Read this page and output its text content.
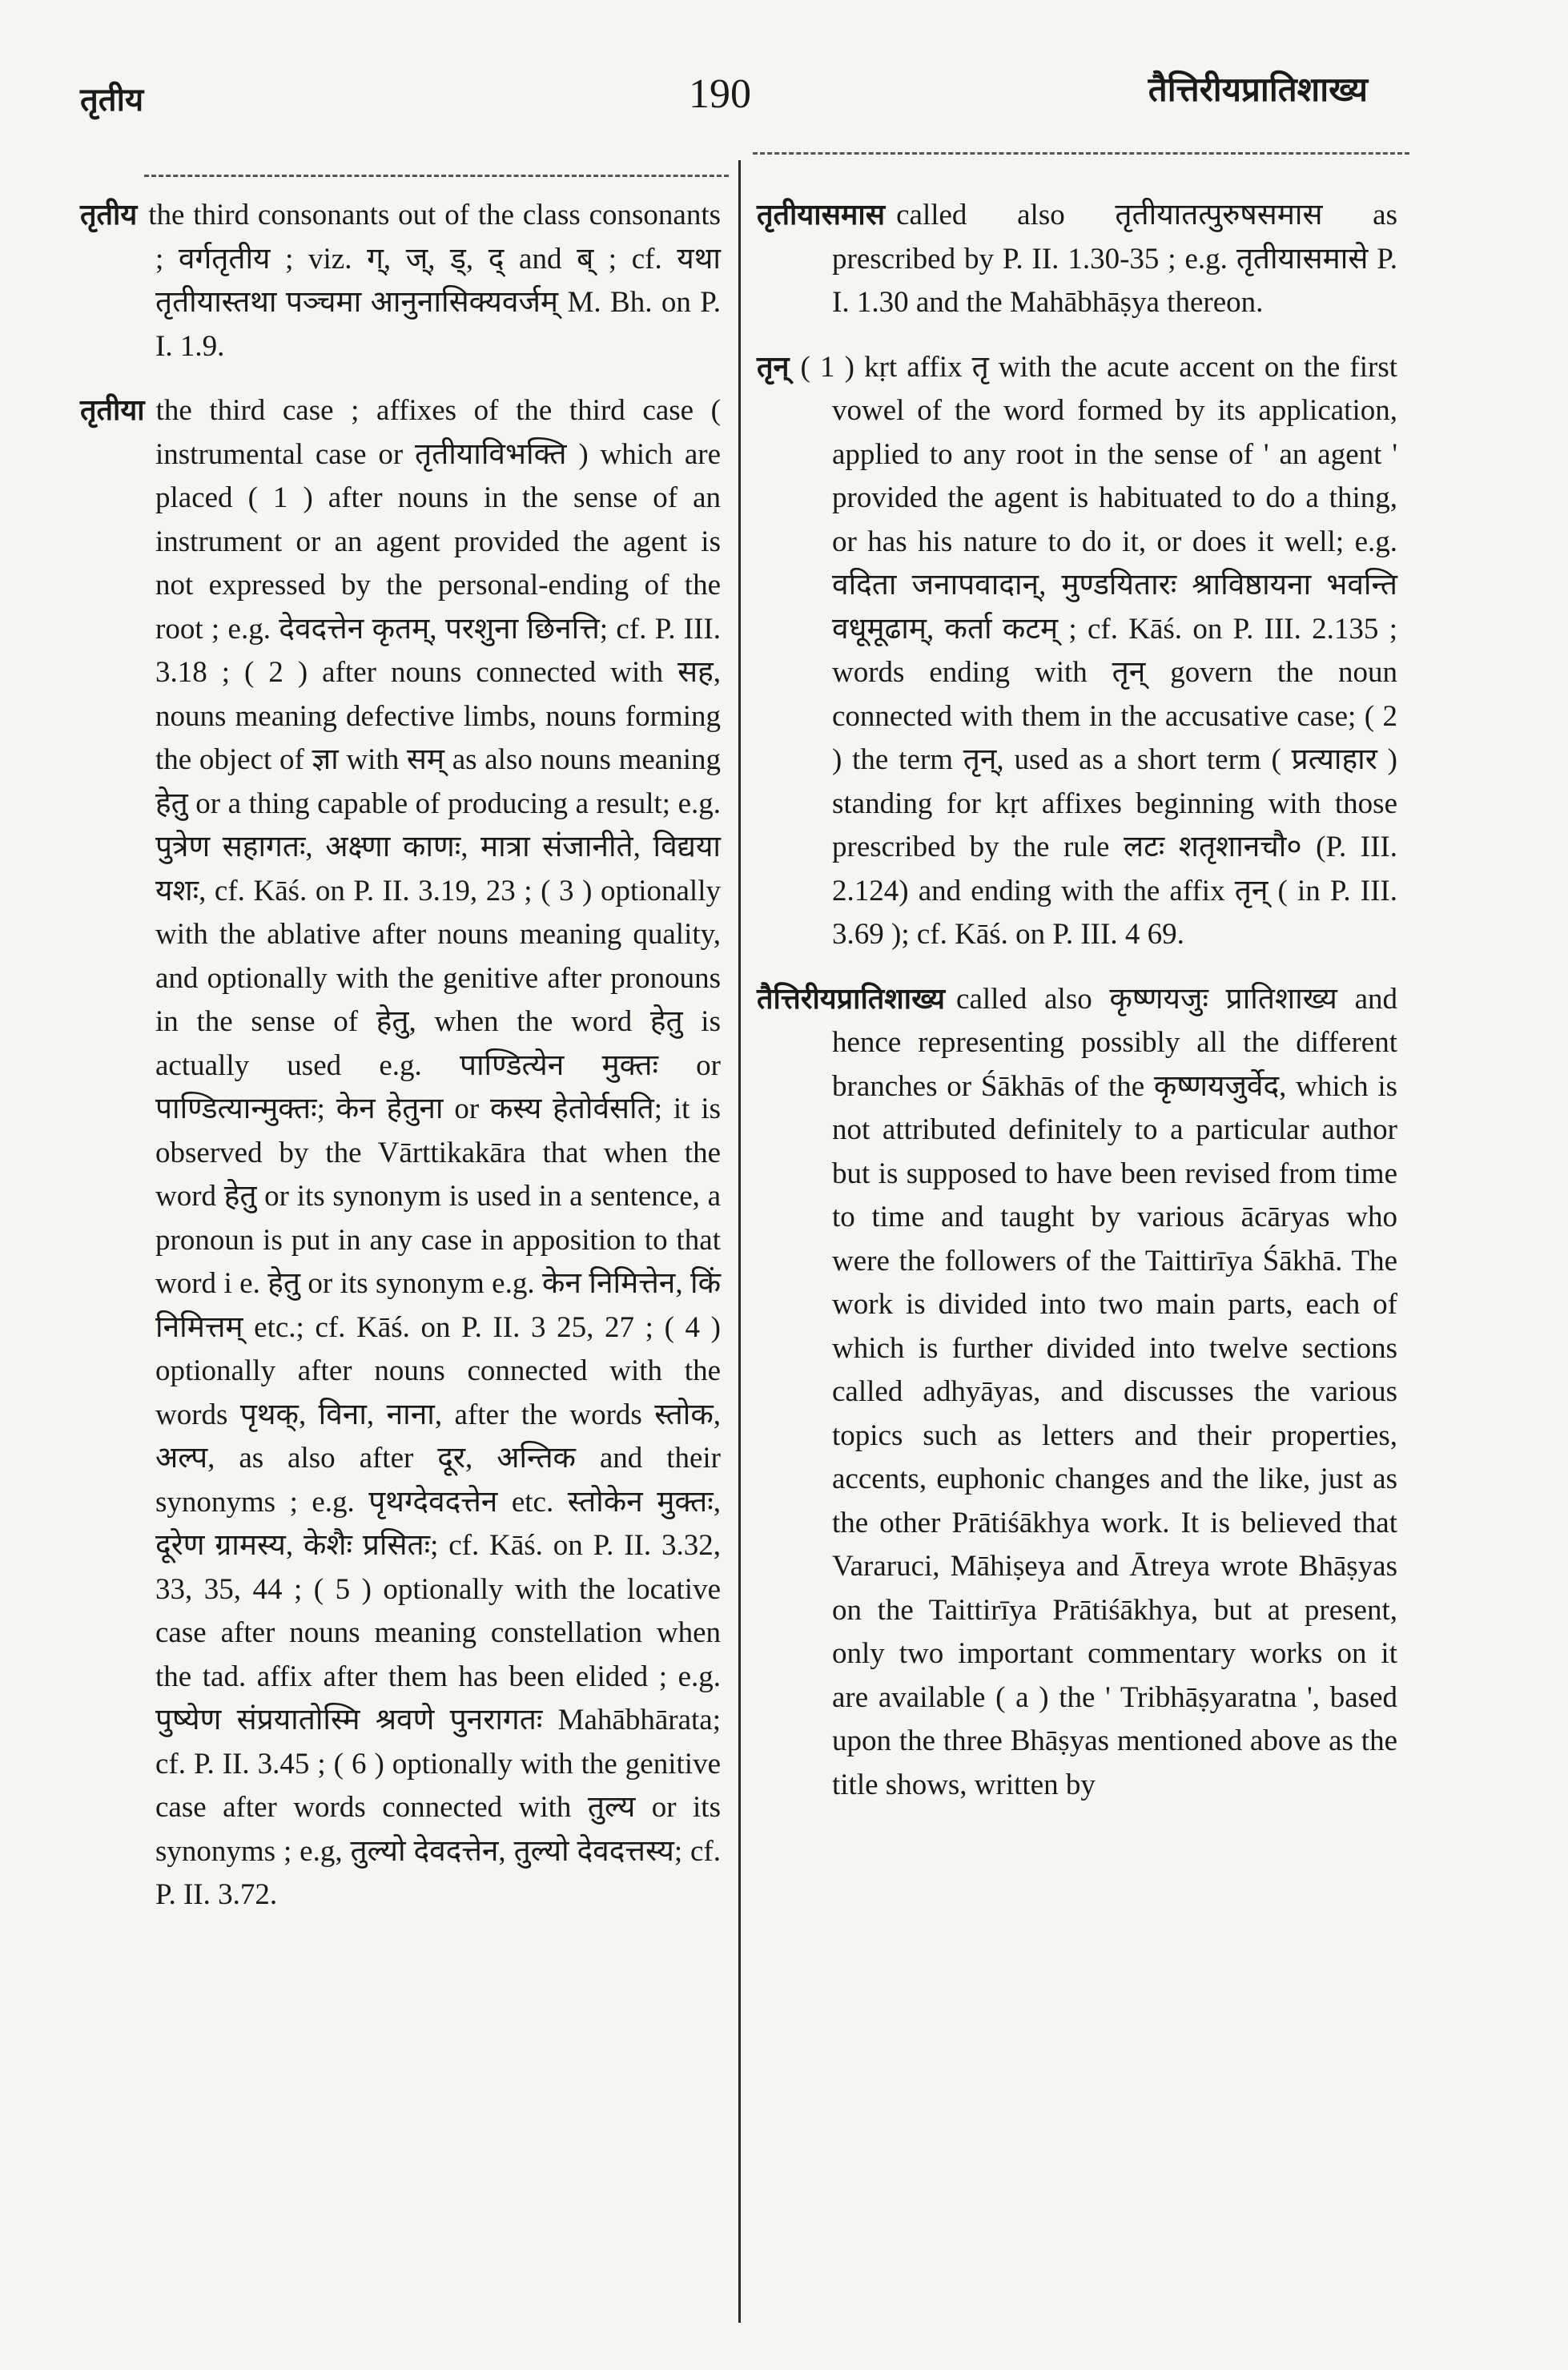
तृतीय	190	तैत्तिरीयप्रातिशाख्य

तृतीय the third consonants out of the class consonants ; वर्गतृतीय ; viz. ग्, ज्, ड्, द् and ब् ; cf. यथा तृतीयास्तथा पञ्चमा आनुनासिक्यवर्जम् M. Bh. on P. I. 1.9.

तृतीया the third case ; affixes of the third case ( instrumental case or तृतीयाविभक्ति ) which are placed ( 1 ) after nouns in the sense of an instrument or an agent provided the agent is not expressed by the personal-ending of the root ; e.g. देवदत्तेन कृतम्, परशुना छिनत्ति; cf. P. III. 3.18 ; ( 2 ) after nouns connected with सह, nouns meaning defective limbs, nouns forming the object of ज्ञा with सम् as also nouns meaning हेतु or a thing capable of producing a result; e.g. पुत्रेण सहागतः, अक्ष्णा काणः, मात्रा संजानीते, विद्यया यशः, cf. Kāś. on P. II. 3.19, 23 ; ( 3 ) optionally with the ablative after nouns meaning quality, and optionally with the genitive after pronouns in the sense of हेतु, when the word हेतु is actually used e.g. पाण्डित्येन मुक्तः or पाण्डित्यान्मुक्तः; केन हेतुना or कस्य हेतोर्वसति; it is observed by the Vārttikakāra that when the word हेतु or its synonym is used in a sentence, a pronoun is put in any case in apposition to that word i e. हेतु or its synonym e.g. केन निमित्तेन, किं निमित्तम् etc.; cf. Kāś. on P. II. 3 25, 27 ; ( 4 ) optionally after nouns connected with the words पृथक्, विना, नाना, after the words स्तोक, अल्प, as also after दूर, अन्तिक and their synonyms ; e.g. पृथग्देवदत्तेन etc. स्तोकेन मुक्तः, दूरेण ग्रामस्य, केशैः प्रसितः; cf. Kāś. on P. II. 3.32, 33, 35, 44 ; ( 5 ) optionally with the locative case after nouns meaning constellation when the tad. affix after them has been elided ; e.g. पुष्येण संप्रयातोस्मि श्रवणे पुनरागतः Mahābhārata; cf. P. II. 3.45 ; ( 6 ) optionally with the genitive case after words connected with तुल्य or its synonyms ; e.g, तुल्यो देवदत्तेन, तुल्यो देवदत्तस्य; cf. P. II. 3.72.

तृतीयासमास called also तृतीयातत्पुरुषसमास as prescribed by P. II. 1.30-35 ; e.g. तृतीयासमासे P. I. 1.30 and the Mahābhāṣya thereon.

तृन् ( 1 ) kṛt affix तृ with the acute accent on the first vowel of the word formed by its application, applied to any root in the sense of ' an agent ' provided the agent is habituated to do a thing, or has his nature to do it, or does it well; e.g. वदिता जनापवादान्, मुण्डयितारः श्राविष्ठायना भवन्ति वधूमूढाम्, कर्ता कटम् ; cf. Kāś. on P. III. 2.135 ; words ending with तृन् govern the noun connected with them in the accusative case; ( 2 ) the term तृन्, used as a short term ( प्रत्याहार ) standing for kṛt affixes beginning with those prescribed by the rule लटः शतृशानचौ० (P. III. 2.124) and ending with the affix तृन् ( in P. III. 3.69 ); cf. Kāś. on P. III. 4 69.

तैत्तिरीयप्रातिशाख्य called also कृष्णयजुः प्रातिशाख्य and hence representing possibly all the different branches or Śākhās of the कृष्णयजुर्वेद, which is not attributed definitely to a particular author but is supposed to have been revised from time to time and taught by various ācāryas who were the followers of the Taittirīya Śākhā. The work is divided into two main parts, each of which is further divided into twelve sections called adhyāyas, and discusses the various topics such as letters and their properties, accents, euphonic changes and the like, just as the other Prātiśākhya work. It is believed that Vararuci, Māhiṣeya and Ātreya wrote Bhāṣyas on the Taittirīya Prātiśākhya, but at present, only two important commentary works on it are available ( a ) the ' Tribhāṣyaratna ', based upon the three Bhāṣyas mentioned above as the title shows, written by
